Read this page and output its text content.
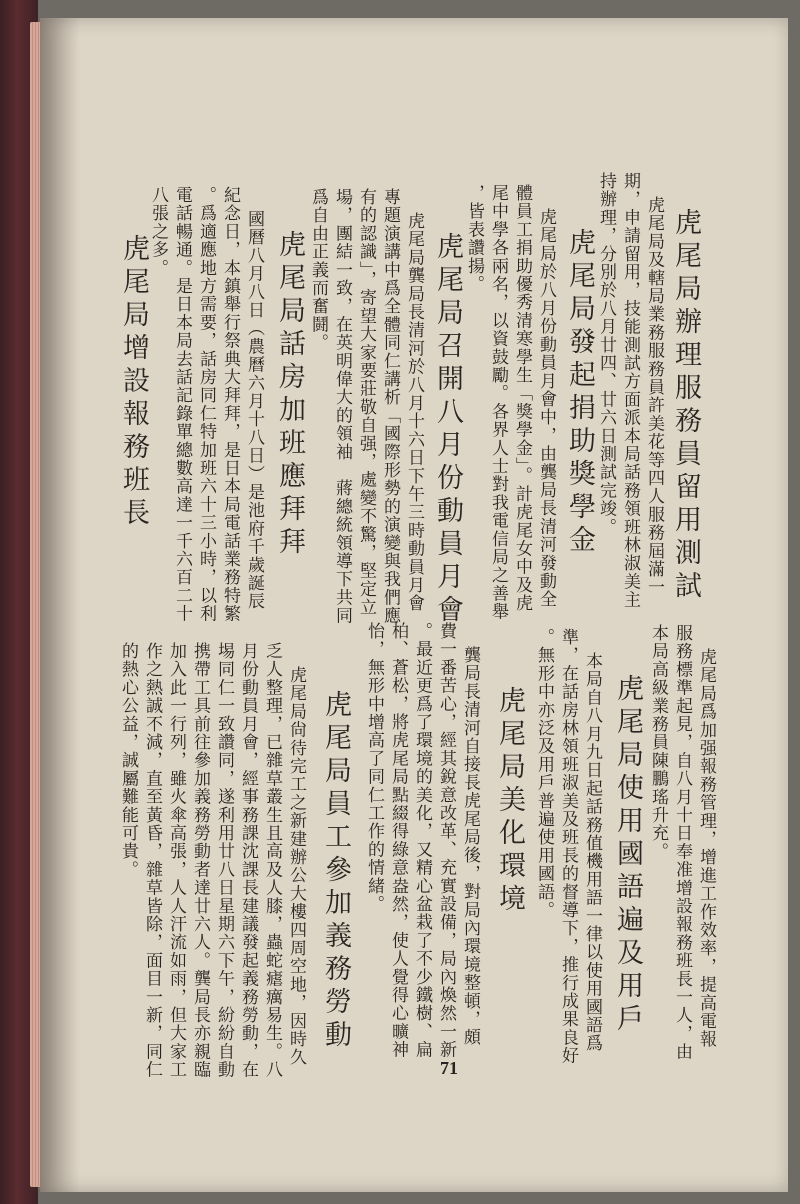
虎尾局辦理服務員留用測試
虎尾局及轄局業務服務員許美花等四人服務屆滿一
期，申請留用，技能測試方面派本局話務領班林淑美主
持辦理，分別於八月廿四、廿六日測試完竣。
虎尾局發起捐助獎學金
虎尾局於八月份動員月會中，由龔局長清河發動全
體員工捐助優秀清寒學生「獎學金」。計虎尾女中及虎
尾中學各兩名，以資鼓勵。各界人士對我電信局之善舉
，皆表讚揚。
虎尾局召開八月份動員月會
虎尾局龔局長清河於八月十六日下午三時動員月會
專題演講中爲全體同仁講析「國際形勢的演變與我們應
有的認識」，寄望大家要莊敬自强，處變不驚，堅定立
場，團結一致，在英明偉大的領袖　蔣總統領導下共同
爲自由正義而奮鬪。
虎尾局話房加班應拜拜
國曆八月八日（農曆六月十八日）是池府千歲誕辰
紀念日，本鎮舉行祭典大拜拜，是日本局電話業務特繁
。爲適應地方需要，話房同仁特加班六十三小時，以利
電話暢通。是日本局去話記錄單總數高達一千六百二十
八張之多。
虎尾局增設報務班長
虎尾局爲加强報務管理，增進工作效率，提高電報
服務標準起見，自八月十日奉准增設報務班長一人，由
本局高級業務員陳鵬瑤升充。
虎尾局使用國語遍及用戶
本局自八月九日起話務值機用語一律以使用國語爲
準，在話房林領班淑美及班長的督導下，推行成果良好
。無形中亦泛及用戶普遍使用國語。
虎尾局美化環境
龔局長清河自接長虎尾局後，對局內環境整頓，頗
費一番苦心，經其銳意改革、充實設備，局內煥然一新
。最近更爲了環境的美化，又精心盆栽了不少鐵樹、扁
柏、蒼松，將虎尾局點綴得綠意盎然，使人覺得心曠神
怡，無形中增高了同仁工作的情緒。
虎尾局員工參加義務勞動
虎尾局尙待完工之新建辦公大樓四周空地，因時久
乏人整理，已雜草叢生且高及人膝，蟲蛇瘧癘易生。八
月份動員月會，經事務課沈課長建議發起義務勞動，在
埸同仁一致讚同，遂利用廿八日星期六下午，紛紛自動
携帶工具前往參加義務勞動者達廿六人。龔局長亦親臨
加入此一行列，雖火傘高張，人人汗流如雨，但大家工
作之熱誠不減，直至黃昏，雜草皆除，面目一新，同仁
的熱心公益，誠屬難能可貴。
71
